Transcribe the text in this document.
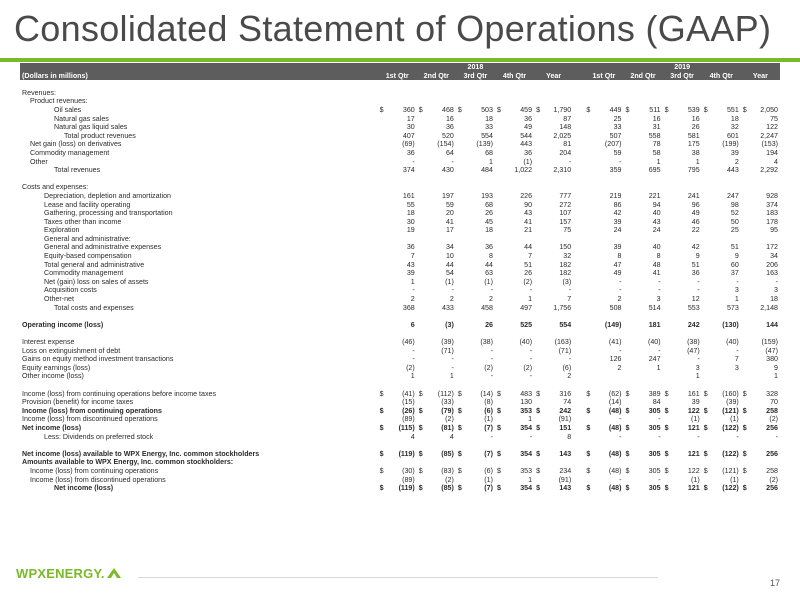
Consolidated Statement of Operations (GAAP)
	2018						2019				
(Dollars in millions)	1st Qtr	2nd Qtr	3rd Qtr	4th Qtr	Year		1st Qtr	2nd Qtr	3rd Qtr	4th Qtr	Year

Revenues:											
Product revenues:											
Oil sales	$ 360	$ 468	$ 503	$ 459	$ 1,790		$ 449	$ 511	$ 539	$ 551	$ 2,050
Natural gas sales	17	16	18	36	87		25	16	16	18	75
Natural gas liquid sales	30	36	33	49	148		33	31	26	32	122
Total product revenues	407	520	554	544	2,025		507	558	581	601	2,247
Net gain (loss) on derivatives	(69)	(154)	(139)	443	81		(207)	78	175	(199)	(153)
Commodity management	36	64	68	36	204		59	58	38	39	194
Other	-	-	1	(1)	-		-	1	1	2	4
Total revenues	374	430	484	1,022	2,310		359	695	795	443	2,292

Costs and expenses:											
Depreciation, depletion and amortization	161	197	193	226	777		219	221	241	247	928
Lease and facility operating	55	59	68	90	272		86	94	96	98	374
Gathering, processing and transportation	18	20	26	43	107		42	40	49	52	183
Taxes other than income	30	41	45	41	157		39	43	46	50	178
Exploration	19	17	18	21	75		24	24	22	25	95
General and administrative:											
General and administrative expenses	36	34	36	44	150		39	40	42	51	172
Equity-based compensation	7	10	8	7	32		8	8	9	9	34
Total general and administrative	43	44	44	51	182		47	48	51	60	206
Commodity management	39	54	63	26	182		49	41	36	37	163
Net (gain) loss on sales of assets	1	(1)	(1)	(2)	(3)		-	-	-	-	-
Acquisition costs	-	-	-	-	-		-	-	-	3	3
Other-net	2	2	2	1	7		2	3	12	1	18
Total costs and expenses	368	433	458	497	1,756		508	514	553	573	2,148

Operating income (loss)	6	(3)	26	525	554		(149)	181	242	(130)	144

Interest expense	(46)	(39)	(38)	(40)	(163)		(41)	(40)	(38)	(40)	(159)
Loss on extinguishment of debt	-	(71)	-	-	(71)		-	-	(47)	-	(47)
Gains on equity method investment transactions	-	-	-	-	-		126	247	-	7	380
Equity earnings (loss)	(2)	-	(2)	(2)	(6)		2	1	3	3	9
Other income (loss)	1	1	-	-	2				1		1

Income (loss) from continuing operations before income taxes	$ (41)	$ (112)	$ (14)	$ 483	$ 316		$ (62)	$ 389	$ 161	$ (160)	$ 328
Provision (benefit) for income taxes	(15)	(33)	(8)	130	74		(14)	84	39	(39)	70
Income (loss) from continuing operations	$ (26)	$ (79)	$ (6)	$ 353	$ 242		$ (48)	$ 305	$ 122	$ (121)	$ 258
Income (loss) from discontinued operations	(89)	(2)	(1)	1	(91)		-	-	(1)	(1)	(2)
Net income (loss)	$ (115)	$ (81)	$ (7)	$ 354	$ 151		$ (48)	$ 305	$ 121	$ (122)	$ 256
Less: Dividends on preferred stock	4	4	-	-	8		-	-	-	-	-

Net income (loss) available to WPX Energy, Inc. common stockholders	$ (119)	$ (85)	$ (7)	$ 354	$ 143		$ (48)	$ 305	$ 121	$ (122)	$ 256
Amounts available to WPX Energy, Inc. common stockholders:											
Income (loss) from continuing operations	$ (30)	$ (83)	$ (6)	$ 353	$ 234		$ (48)	$ 305	$ 122	$ (121)	$ 258
Income (loss) from discontinued operations	(89)	(2)	(1)	1	(91)		-	-	(1)	(1)	(2)
Net income (loss)	$ (119)	$ (85)	$ (7)	$ 354	$ 143		$ (48)	$ 305	$ 121	$ (122)	$ 256
WPXENERGY.
17
